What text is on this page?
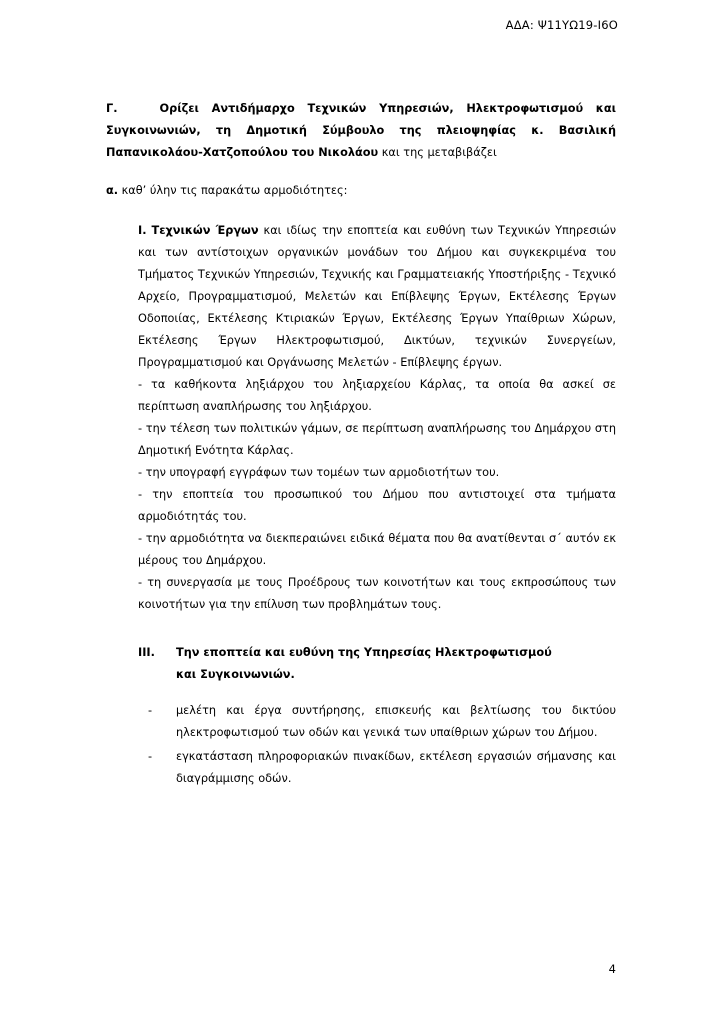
ΑΔΑ: Ψ11ΥΩ19-Ι6Ο

Γ.	Ορίζει Αντιδήμαρχο Τεχνικών Υπηρεσιών, Ηλεκτροφωτισμού και Συγκοινωνιών, τη Δημοτική Σύμβουλο της πλειοψηφίας κ. Βασιλική Παπανικολάου-Χατζοπούλου του Νικολάου και της μεταβιβάζει

α. καθ’ ύλην τις παρακάτω αρμοδιότητες:

Ι. Τεχνικών Έργων και ιδίως την εποπτεία και ευθύνη των Τεχνικών Υπηρεσιών και των αντίστοιχων οργανικών μονάδων του Δήμου και συγκεκριμένα του Τμήματος Τεχνικών Υπηρεσιών, Τεχνικής και Γραμματειακής Υποστήριξης - Τεχνικό Αρχείο, Προγραμματισμού, Μελετών και Επίβλεψης Έργων, Εκτέλεσης Έργων Οδοποιίας, Εκτέλεσης Κτιριακών Έργων, Εκτέλεσης Έργων Υπαίθριων Χώρων, Εκτέλεσης Έργων Ηλεκτροφωτισμού, Δικτύων, τεχνικών Συνεργείων, Προγραμματισμού και Οργάνωσης Μελετών - Επίβλεψης έργων.

- τα καθήκοντα ληξιάρχου του ληξιαρχείου Κάρλας, τα οποία θα ασκεί σε περίπτωση αναπλήρωσης του ληξιάρχου.

- την τέλεση των πολιτικών γάμων, σε περίπτωση αναπλήρωσης του Δημάρχου στη Δημοτική Ενότητα Κάρλας.

- την υπογραφή εγγράφων των τομέων των αρμοδιοτήτων του.

- την εποπτεία του προσωπικού του Δήμου που αντιστοιχεί στα τμήματα αρμοδιότητάς του.

- την αρμοδιότητα να διεκπεραιώνει ειδικά θέματα που θα ανατίθενται σ΄ αυτόν εκ μέρους του Δημάρχου.

- τη συνεργασία με τους Προέδρους των κοινοτήτων και τους εκπροσώπους των κοινοτήτων για την επίλυση των προβλημάτων τους.

ΙΙΙ. Την εποπτεία και ευθύνη της Υπηρεσίας Ηλεκτροφωτισμού
και Συγκοινωνιών.
- μελέτη και έργα συντήρησης, επισκευής και βελτίωσης του δικτύου ηλεκτροφωτισμού των οδών και γενικά των υπαίθριων χώρων του Δήμου.
- εγκατάσταση πληροφοριακών πινακίδων, εκτέλεση εργασιών σήμανσης και διαγράμμισης οδών.
4
